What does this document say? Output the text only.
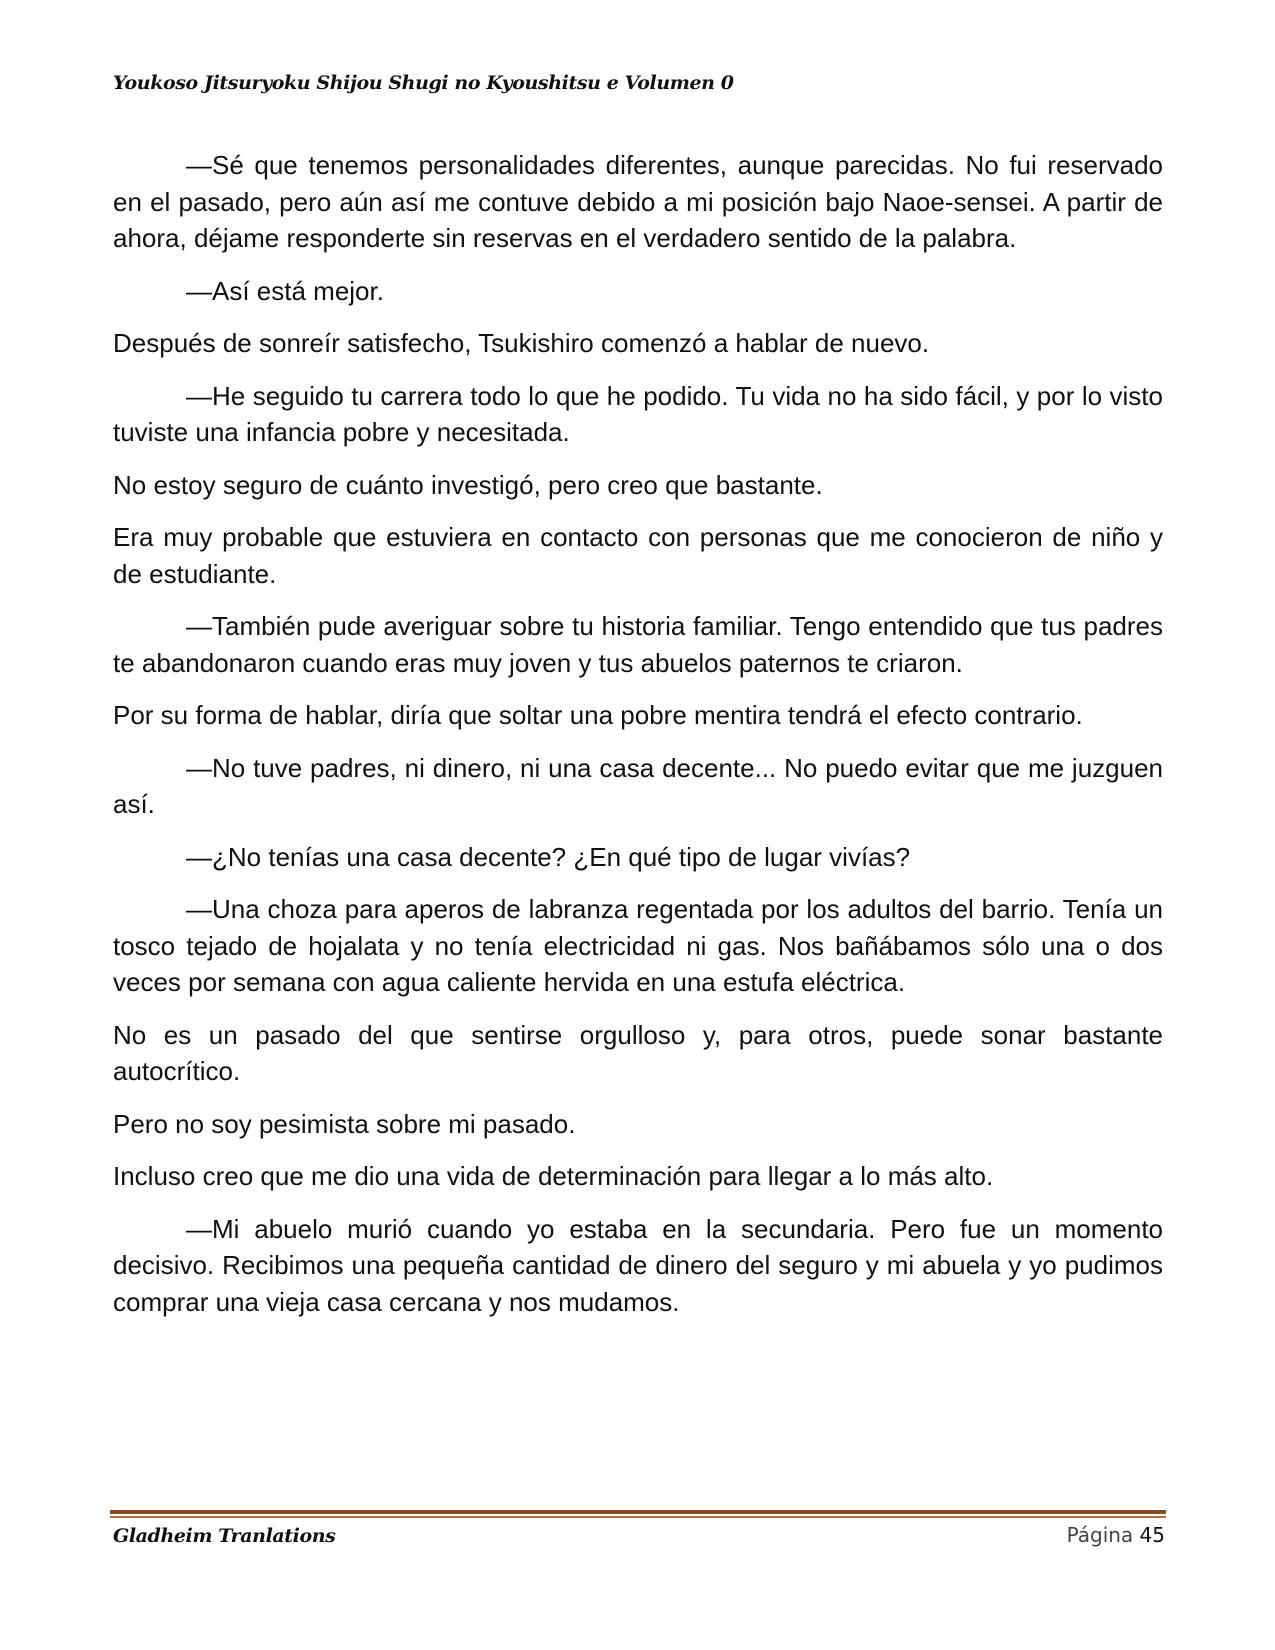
Youkoso Jitsuryoku Shijou Shugi no Kyoushitsu e Volumen 0

—Sé que tenemos personalidades diferentes, aunque parecidas. No fui reservado en el pasado, pero aún así me contuve debido a mi posición bajo Naoe-sensei. A partir de ahora, déjame responderte sin reservas en el verdadero sentido de la palabra.

—Así está mejor.

Después de sonreír satisfecho, Tsukishiro comenzó a hablar de nuevo.

—He seguido tu carrera todo lo que he podido. Tu vida no ha sido fácil, y por lo visto tuviste una infancia pobre y necesitada.

No estoy seguro de cuánto investigó, pero creo que bastante.

Era muy probable que estuviera en contacto con personas que me conocieron de niño y de estudiante.

—También pude averiguar sobre tu historia familiar. Tengo entendido que tus padres te abandonaron cuando eras muy joven y tus abuelos paternos te criaron.

Por su forma de hablar, diría que soltar una pobre mentira tendrá el efecto contrario.

—No tuve padres, ni dinero, ni una casa decente... No puedo evitar que me juzguen así.

—¿No tenías una casa decente? ¿En qué tipo de lugar vivías?

—Una choza para aperos de labranza regentada por los adultos del barrio. Tenía un tosco tejado de hojalata y no tenía electricidad ni gas. Nos bañábamos sólo una o dos veces por semana con agua caliente hervida en una estufa eléctrica.

No es un pasado del que sentirse orgulloso y, para otros, puede sonar bastante autocrítico.

Pero no soy pesimista sobre mi pasado.

Incluso creo que me dio una vida de determinación para llegar a lo más alto.

—Mi abuelo murió cuando yo estaba en la secundaria. Pero fue un momento decisivo. Recibimos una pequeña cantidad de dinero del seguro y mi abuela y yo pudimos comprar una vieja casa cercana y nos mudamos.

Gladheim Tranlations	Página 45
